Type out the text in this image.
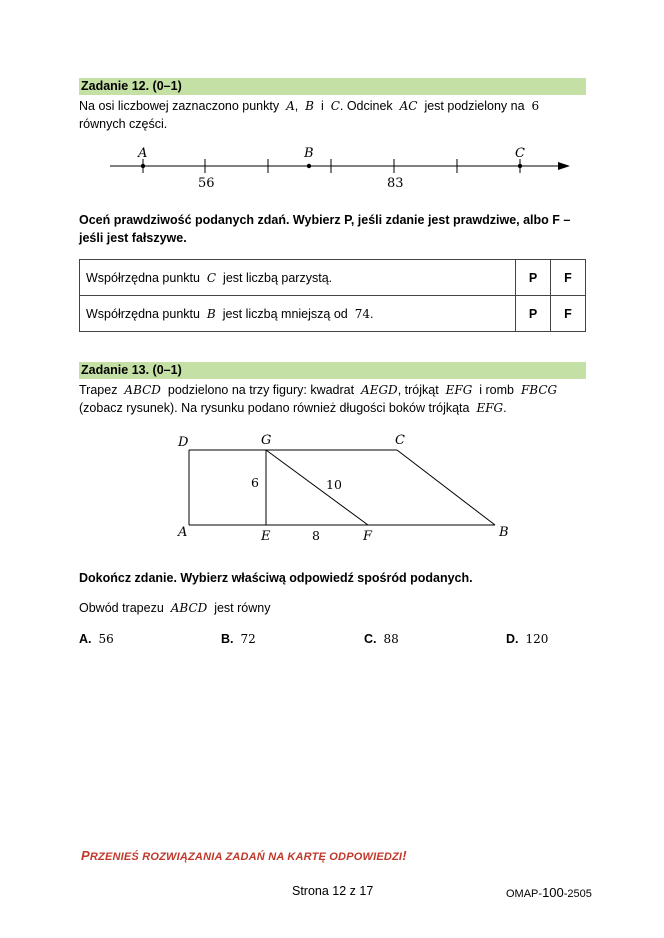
Zadanie 12. (0–1)
Na osi liczbowej zaznaczono punkty A, B i C. Odcinek AC jest podzielony na 6  równych części.
A	B	C
56	83
Oceń prawdziwość podanych zdań. Wybierz P, jeśli zdanie jest prawdziwe, albo F – jeśli jest fałszywe.
Współrzędna punktu C jest liczbą parzystą.	P	F
Współrzędna punktu B jest liczbą mniejszą od 74.	P	F
Zadanie 13. (0–1)
Trapez ABCD podzielono na trzy figury: kwadrat AEGD, trójkąt EFG i romb FBCG  (zobacz rysunek). Na rysunku podano również długości boków trójkąta EFG.
D	G	C
A	E	F	B
6	10
8
Dokończ zdanie. Wybierz właściwą odpowiedź spośród podanych.
Obwód trapezu ABCD jest równy
A. 56	B. 72	C. 88	D. 120
PRZENIEŚ ROZWIĄZANIA ZADAŃ NA KARTĘ ODPOWIEDZI!
Strona 12 z 17	OMAP-100-2505
